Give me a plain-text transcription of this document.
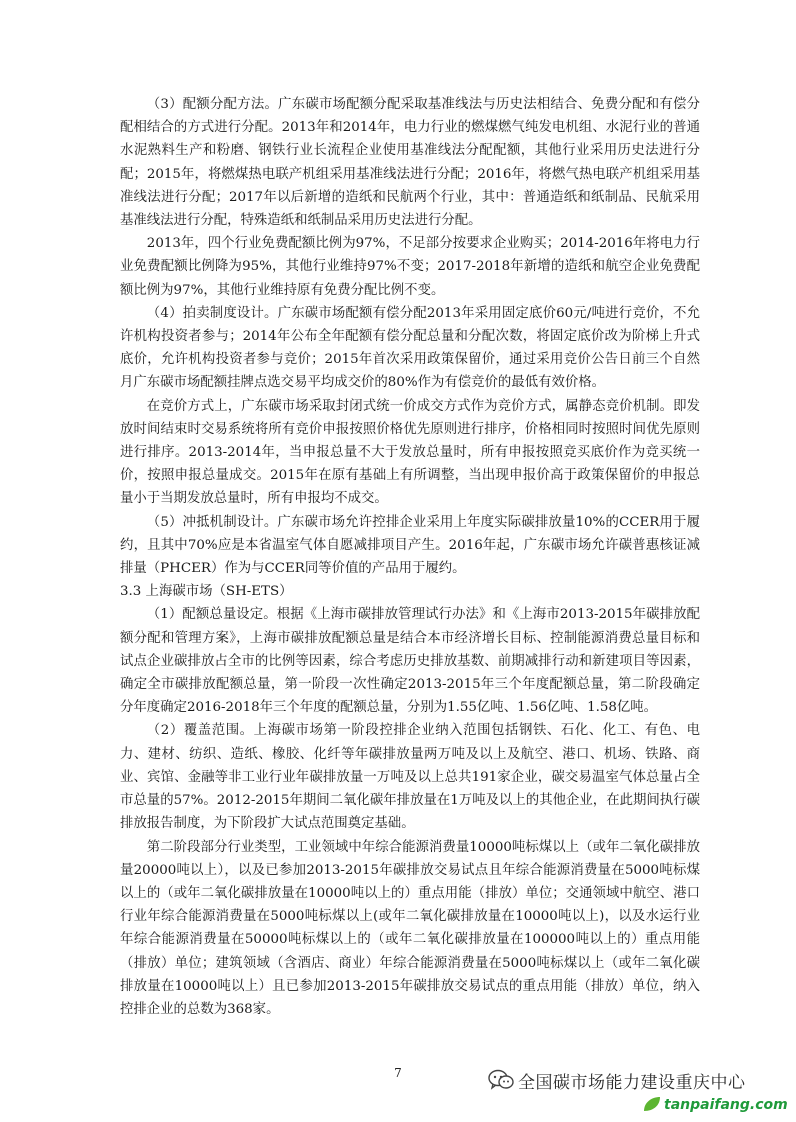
（3）配额分配方法。广东碳市场配额分配采取基准线法与历史法相结合、免费分配和有偿分配相结合的方式进行分配。2013年和2014年，电力行业的燃煤燃气纯发电机组、水泥行业的普通水泥熟料生产和粉磨、钢铁行业长流程企业使用基准线法分配配额，其他行业采用历史法进行分配；2015年，将燃煤热电联产机组采用基准线法进行分配；2016年，将燃气热电联产机组采用基准线法进行分配；2017年以后新增的造纸和民航两个行业，其中：普通造纸和纸制品、民航采用基准线法进行分配，特殊造纸和纸制品采用历史法进行分配。

2013年，四个行业免费配额比例为97%，不足部分按要求企业购买；2014-2016年将电力行业免费配额比例降为95%，其他行业维持97%不变；2017-2018年新增的造纸和航空企业免费配额比例为97%，其他行业维持原有免费分配比例不变。

（4）拍卖制度设计。广东碳市场配额有偿分配2013年采用固定底价60元/吨进行竞价，不允许机构投资者参与；2014年公布全年配额有偿分配总量和分配次数，将固定底价改为阶梯上升式底价，允许机构投资者参与竞价；2015年首次采用政策保留价，通过采用竞价公告日前三个自然月广东碳市场配额挂牌点选交易平均成交价的80%作为有偿竞价的最低有效价格。

在竞价方式上，广东碳市场采取封闭式统一价成交方式作为竞价方式，属静态竞价机制。即发放时间结束时交易系统将所有竞价申报按照价格优先原则进行排序，价格相同时按照时间优先原则进行排序。2013-2014年，当申报总量不大于发放总量时，所有申报按照竞买底价作为竞买统一价，按照申报总量成交。2015年在原有基础上有所调整，当出现申报价高于政策保留价的申报总量小于当期发放总量时，所有申报均不成交。

（5）冲抵机制设计。广东碳市场允许控排企业采用上年度实际碳排放量10%的CCER用于履约，且其中70%应是本省温室气体自愿减排项目产生。2016年起，广东碳市场允许碳普惠核证减排量（PHCER）作为与CCER同等价值的产品用于履约。

3.3 上海碳市场（SH-ETS）

（1）配额总量设定。根据《上海市碳排放管理试行办法》和《上海市2013-2015年碳排放配额分配和管理方案》，上海市碳排放配额总量是结合本市经济增长目标、控制能源消费总量目标和试点企业碳排放占全市的比例等因素，综合考虑历史排放基数、前期减排行动和新建项目等因素，确定全市碳排放配额总量，第一阶段一次性确定2013-2015年三个年度配额总量，第二阶段确定分年度确定2016-2018年三个年度的配额总量，分别为1.55亿吨、1.56亿吨、1.58亿吨。

（2）覆盖范围。上海碳市场第一阶段控排企业纳入范围包括钢铁、石化、化工、有色、电力、建材、纺织、造纸、橡胶、化纤等年碳排放量两万吨及以上及航空、港口、机场、铁路、商业、宾馆、金融等非工业行业年碳排放量一万吨及以上总共191家企业，碳交易温室气体总量占全市总量的57%。2012-2015年期间二氧化碳年排放量在1万吨及以上的其他企业，在此期间执行碳排放报告制度，为下阶段扩大试点范围奠定基础。

第二阶段部分行业类型，工业领域中年综合能源消费量10000吨标煤以上（或年二氧化碳排放量20000吨以上），以及已参加2013-2015年碳排放交易试点且年综合能源消费量在5000吨标煤以上的（或年二氧化碳排放量在10000吨以上的）重点用能（排放）单位；交通领域中航空、港口行业年综合能源消费量在5000吨标煤以上(或年二氧化碳排放量在10000吨以上)，以及水运行业年综合能源消费量在50000吨标煤以上的（或年二氧化碳排放量在100000吨以上的）重点用能（排放）单位；建筑领域（含酒店、商业）年综合能源消费量在5000吨标煤以上（或年二氧化碳排放量在10000吨以上）且已参加2013-2015年碳排放交易试点的重点用能（排放）单位，纳入控排企业的总数为368家。

7	全国碳市场能力建设重庆中心
tanpaifang.com
